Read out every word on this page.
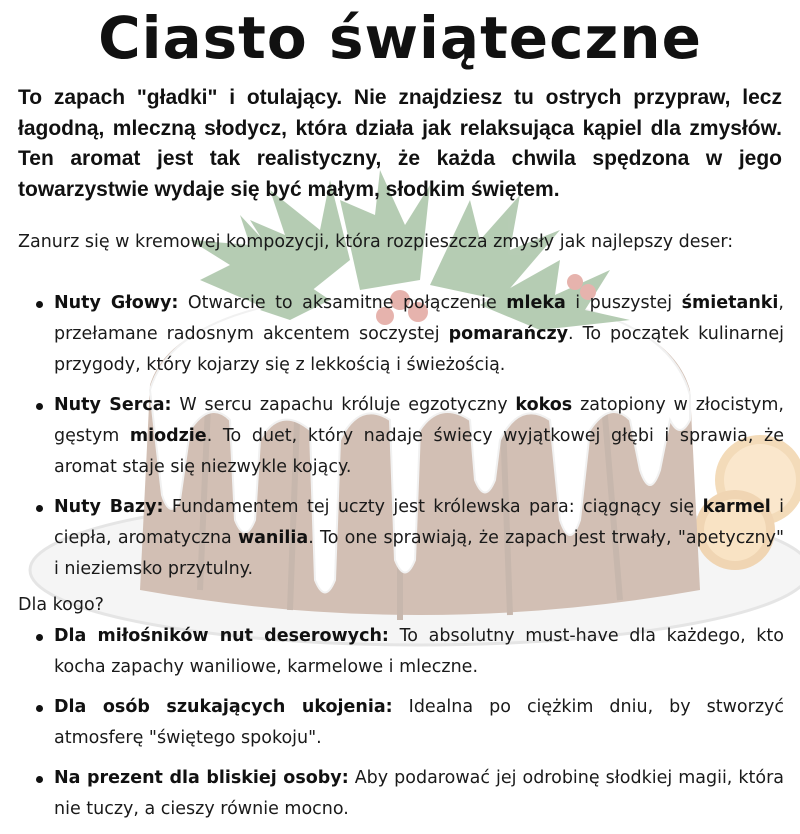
Ciasto świąteczne

To zapach "gładki" i otulający. Nie znajdziesz tu ostrych przypraw, lecz łagodną, mleczną słodycz, która działa jak relaksująca kąpiel dla zmysłów. Ten aromat jest tak realistyczny, że każda chwila spędzona w jego towarzystwie wydaje się być małym, słodkim świętem.

Zanurz się w kremowej kompozycji, która rozpieszcza zmysły jak najlepszy deser:

Nuty Głowy: Otwarcie to aksamitne połączenie mleka i puszystej śmietanki, przełamane radosnym akcentem soczystej pomarańczy. To początek kulinarnej przygody, który kojarzy się z lekkością i świeżością.
Nuty Serca: W sercu zapachu króluje egzotyczny kokos zatopiony w złocistym, gęstym miodzie. To duet, który nadaje świecy wyjątkowej głębi i sprawia, że aromat staje się niezwykle kojący.
Nuty Bazy: Fundamentem tej uczty jest królewska para: ciągnący się karmel i ciepła, aromatyczna wanilia. To one sprawiają, że zapach jest trwały, "apetyczny" i nieziemsko przytulny.

Dla kogo?

Dla miłośników nut deserowych: To absolutny must-have dla każdego, kto kocha zapachy waniliowe, karmelowe i mleczne.
Dla osób szukających ukojenia: Idealna po ciężkim dniu, by stworzyć atmosferę "świętego spokoju".
Na prezent dla bliskiej osoby: Aby podarować jej odrobinę słodkiej magii, która nie tuczy, a cieszy równie mocno.
